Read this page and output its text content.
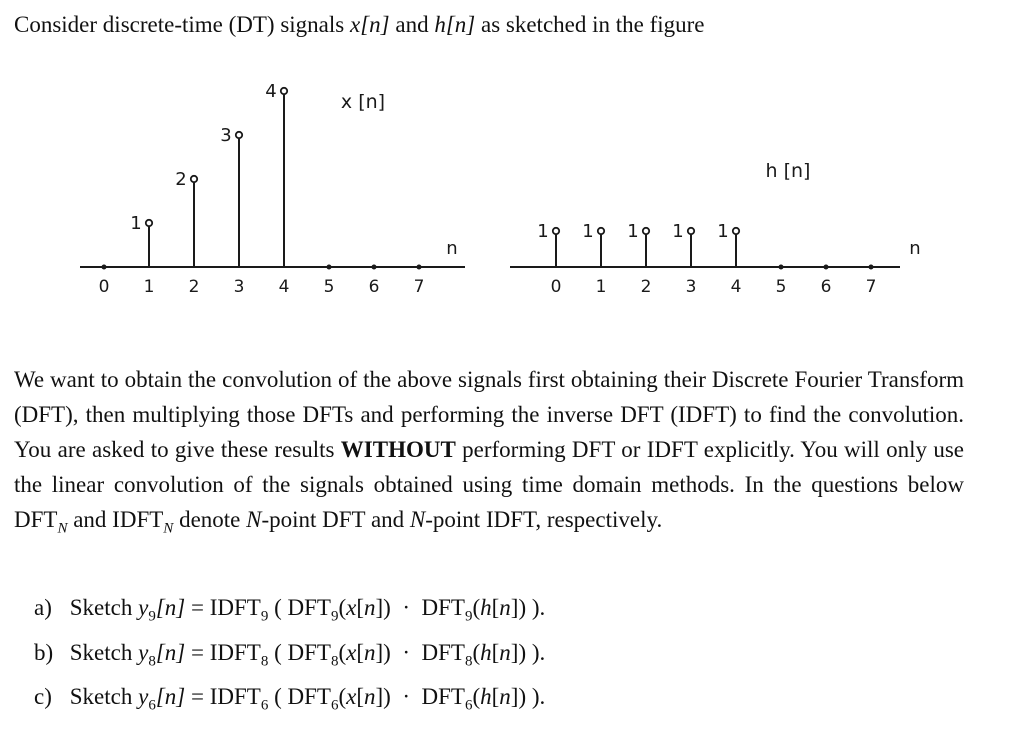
Consider discrete-time (DT) signals x[n] and h[n] as sketched in the figure
0 1 2 3 4 5 6 7
1
2
3
4	x [n]
n
0 1 2 3 4 5 6 7
1 1 1 1 1
h [n]
n
We want to obtain the convolution of the above signals first obtaining their Discrete Fourier Transform (DFT), then multiplying those DFTs and performing the inverse DFT (IDFT) to find the convolution. You are asked to give these results WITHOUT performing DFT or IDFT explicitly. You will only use the linear convolution of the signals obtained using time domain methods. In the questions below $DFT_N$ and $IDFT_N$ denote N-point DFT and N-point IDFT, respectively.
a) Sketch $y_9[n]$ = $IDFT_9$ ( $DFT_9(x[n]) \cdot DFT_9(h[n])$ ).
b) Sketch $y_8[n]$ = $IDFT_8$ ( $DFT_8(x[n]) \cdot DFT_8(h[n])$ ).
c) Sketch $y_6[n]$ = $IDFT_6$ ( $DFT_6(x[n]) \cdot DFT_6(h[n])$ ).
